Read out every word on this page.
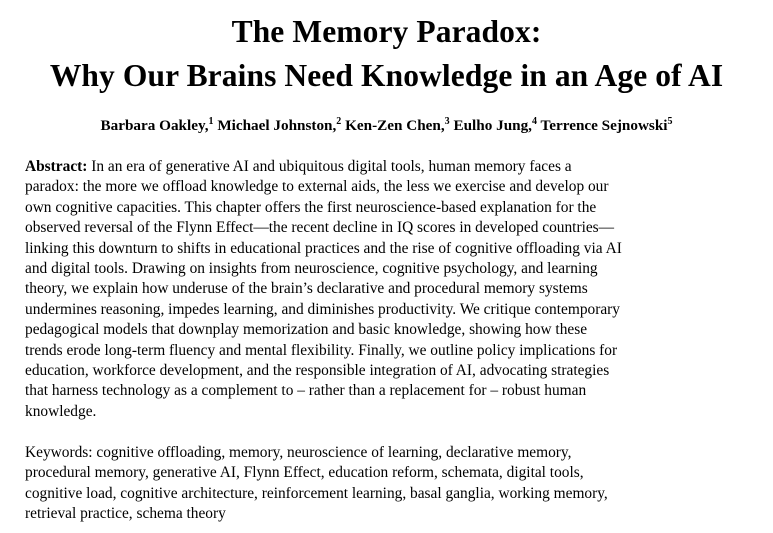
The Memory Paradox:
Why Our Brains Need Knowledge in an Age of AI
Barbara Oakley,$^1$ Michael Johnston,$^2$ Ken-Zen Chen,$^3$ Eulho Jung,$^4$ Terrence Sejnowski$^5$
Abstract: In an era of generative AI and ubiquitous digital tools, human memory faces a
paradox: the more we offload knowledge to external aids, the less we exercise and develop our
own cognitive capacities. This chapter offers the first neuroscience-based explanation for the
observed reversal of the Flynn Effect—the recent decline in IQ scores in developed countries—
linking this downturn to shifts in educational practices and the rise of cognitive offloading via AI
and digital tools. Drawing on insights from neuroscience, cognitive psychology, and learning
theory, we explain how underuse of the brain’s declarative and procedural memory systems
undermines reasoning, impedes learning, and diminishes productivity. We critique contemporary
pedagogical models that downplay memorization and basic knowledge, showing how these
trends erode long-term fluency and mental flexibility. Finally, we outline policy implications for
education, workforce development, and the responsible integration of AI, advocating strategies
that harness technology as a complement to – rather than a replacement for – robust human
knowledge.
Keywords: cognitive offloading, memory, neuroscience of learning, declarative memory,
procedural memory, generative AI, Flynn Effect, education reform, schemata, digital tools,
cognitive load, cognitive architecture, reinforcement learning, basal ganglia, working memory,
retrieval practice, schema theory
